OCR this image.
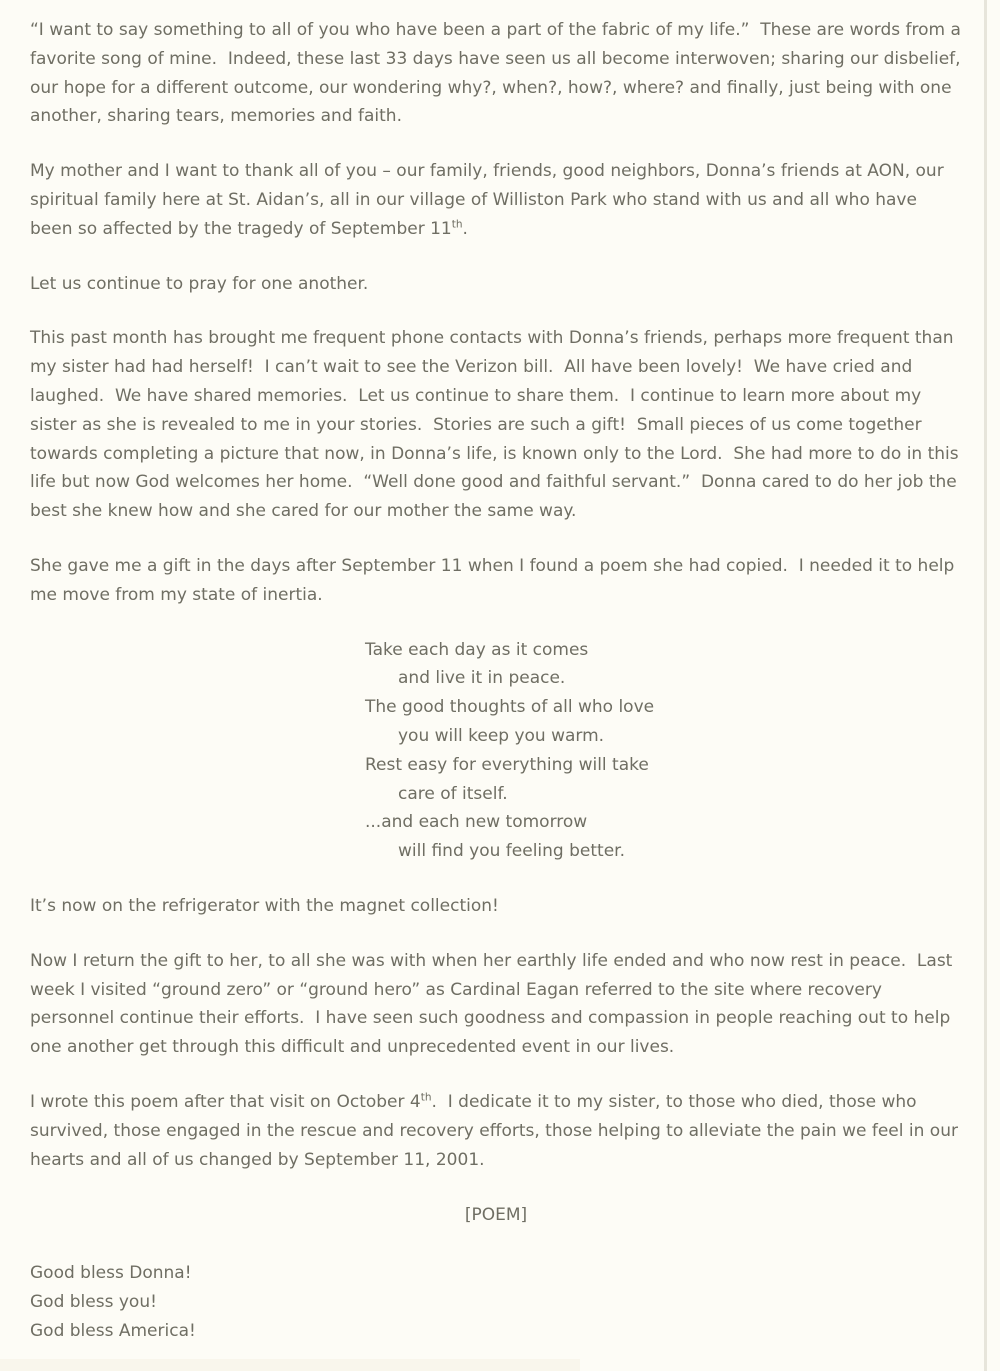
“I want to say something to all of you who have been a part of the fabric of my life.”  These are words from a favorite song of mine.  Indeed, these last 33 days have seen us all become interwoven; sharing our disbelief, our hope for a different outcome, our wondering why?, when?, how?, where? and finally, just being with one another, sharing tears, memories and faith.
My mother and I want to thank all of you – our family, friends, good neighbors, Donna’s friends at AON, our spiritual family here at St. Aidan’s, all in our village of Williston Park who stand with us and all who have been so affected by the tragedy of September 11th.
Let us continue to pray for one another.
This past month has brought me frequent phone contacts with Donna’s friends, perhaps more frequent than my sister had had herself!  I can’t wait to see the Verizon bill.  All have been lovely!  We have cried and laughed.  We have shared memories.  Let us continue to share them.  I continue to learn more about my sister as she is revealed to me in your stories.  Stories are such a gift!  Small pieces of us come together towards completing a picture that now, in Donna’s life, is known only to the Lord.  She had more to do in this life but now God welcomes her home.  “Well done good and faithful servant.”  Donna cared to do her job the best she knew how and she cared for our mother the same way.
She gave me a gift in the days after September 11 when I found a poem she had copied.  I needed it to help me move from my state of inertia.
Take each day as it comes
and live it in peace.
The good thoughts of all who love
you will keep you warm.
Rest easy for everything will take
care of itself.
...and each new tomorrow
will find you feeling better.
It’s now on the refrigerator with the magnet collection!
Now I return the gift to her, to all she was with when her earthly life ended and who now rest in peace.  Last week I visited “ground zero” or “ground hero” as Cardinal Eagan referred to the site where recovery personnel continue their efforts.  I have seen such goodness and compassion in people reaching out to help one another get through this difficult and unprecedented event in our lives.
I wrote this poem after that visit on October 4th.  I dedicate it to my sister, to those who died, those who survived, those engaged in the rescue and recovery efforts, those helping to alleviate the pain we feel in our hearts and all of us changed by September 11, 2001.
[POEM]
Good bless Donna!
God bless you!
God bless America!
